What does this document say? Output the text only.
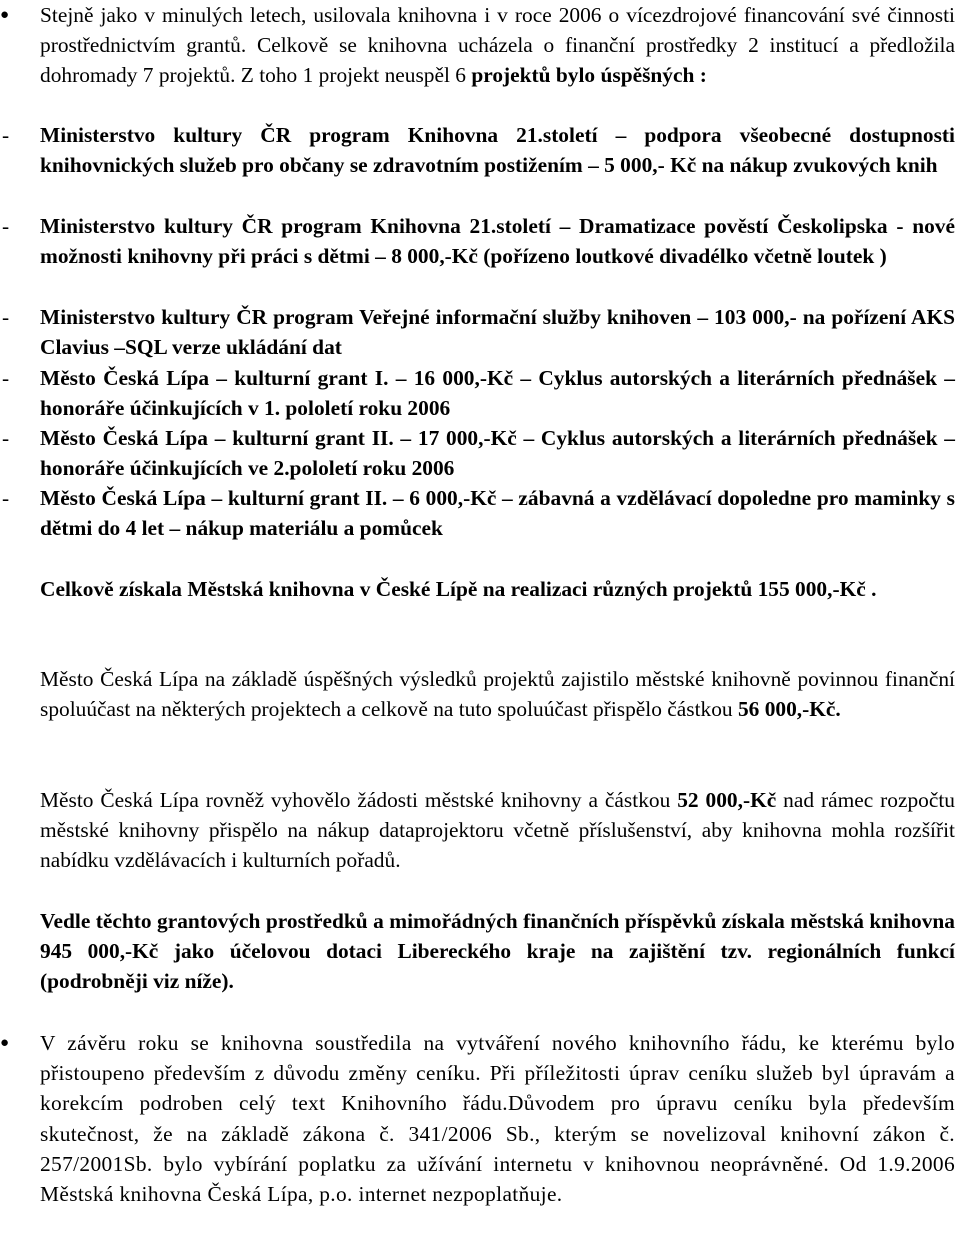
● Stejně jako v minulých letech, usilovala knihovna i v roce 2006 o vícezdrojové financování své činnosti prostřednictvím grantů. Celkově se knihovna ucházela o finanční prostředky 2 institucí a předložila dohromady 7 projektů. Z toho 1 projekt neuspěl 6 projektů bylo úspěšných :
- Ministerstvo kultury ČR program Knihovna 21.století – podpora všeobecné dostupnosti knihovnických služeb pro občany se zdravotním postižením – 5 000,- Kč na nákup zvukových knih
- Ministerstvo kultury ČR program Knihovna 21.století – Dramatizace pověstí Českolipska - nové možnosti knihovny při práci s dětmi – 8 000,-Kč (pořízeno loutkové divadélko včetně loutek )
- Ministerstvo kultury ČR program Veřejné informační služby knihoven – 103 000,- na pořízení AKS Clavius –SQL verze ukládání dat
- Město Česká Lípa – kulturní grant I. – 16 000,-Kč – Cyklus autorských a literárních přednášek – honoráře účinkujících v 1. pololetí roku 2006
- Město Česká Lípa – kulturní grant II. – 17 000,-Kč – Cyklus autorských a literárních přednášek – honoráře účinkujících ve 2.pololetí roku 2006
- Město Česká Lípa – kulturní grant II. – 6 000,-Kč – zábavná a vzdělávací dopoledne pro maminky s dětmi do 4 let – nákup materiálu a pomůcek
Celkově získala Městská knihovna v České Lípě na realizaci různých projektů 155 000,-Kč .
Město Česká Lípa na základě úspěšných výsledků projektů zajistilo městské knihovně povinnou finanční spoluúčast na některých projektech a celkově na tuto spoluúčast přispělo částkou 56 000,-Kč.
Město Česká Lípa rovněž vyhovělo žádosti městské knihovny a částkou 52 000,-Kč nad rámec rozpočtu městské knihovny přispělo na nákup dataprojektoru včetně příslušenství, aby knihovna mohla rozšířit nabídku vzdělávacích i kulturních pořadů.
Vedle těchto grantových prostředků a mimořádných finančních příspěvků získala městská knihovna 945 000,-Kč jako účelovou dotaci Libereckého kraje na zajištění tzv. regionálních funkcí (podrobněji viz níže).
● V závěru roku se knihovna soustředila na vytváření nového knihovního řádu, ke kterému bylo přistoupeno především z důvodu změny ceníku. Při příležitosti úprav ceníku služeb byl úpravám a korekcím podroben celý text Knihovního řádu.Důvodem pro úpravu ceníku byla především skutečnost, že na základě zákona č. 341/2006 Sb., kterým se novelizoval knihovní zákon č. 257/2001Sb. bylo vybírání poplatku za užívání internetu v knihovnou neoprávněné. Od 1.9.2006 Městská knihovna Česká Lípa, p.o. internet nezpoplatňuje.
